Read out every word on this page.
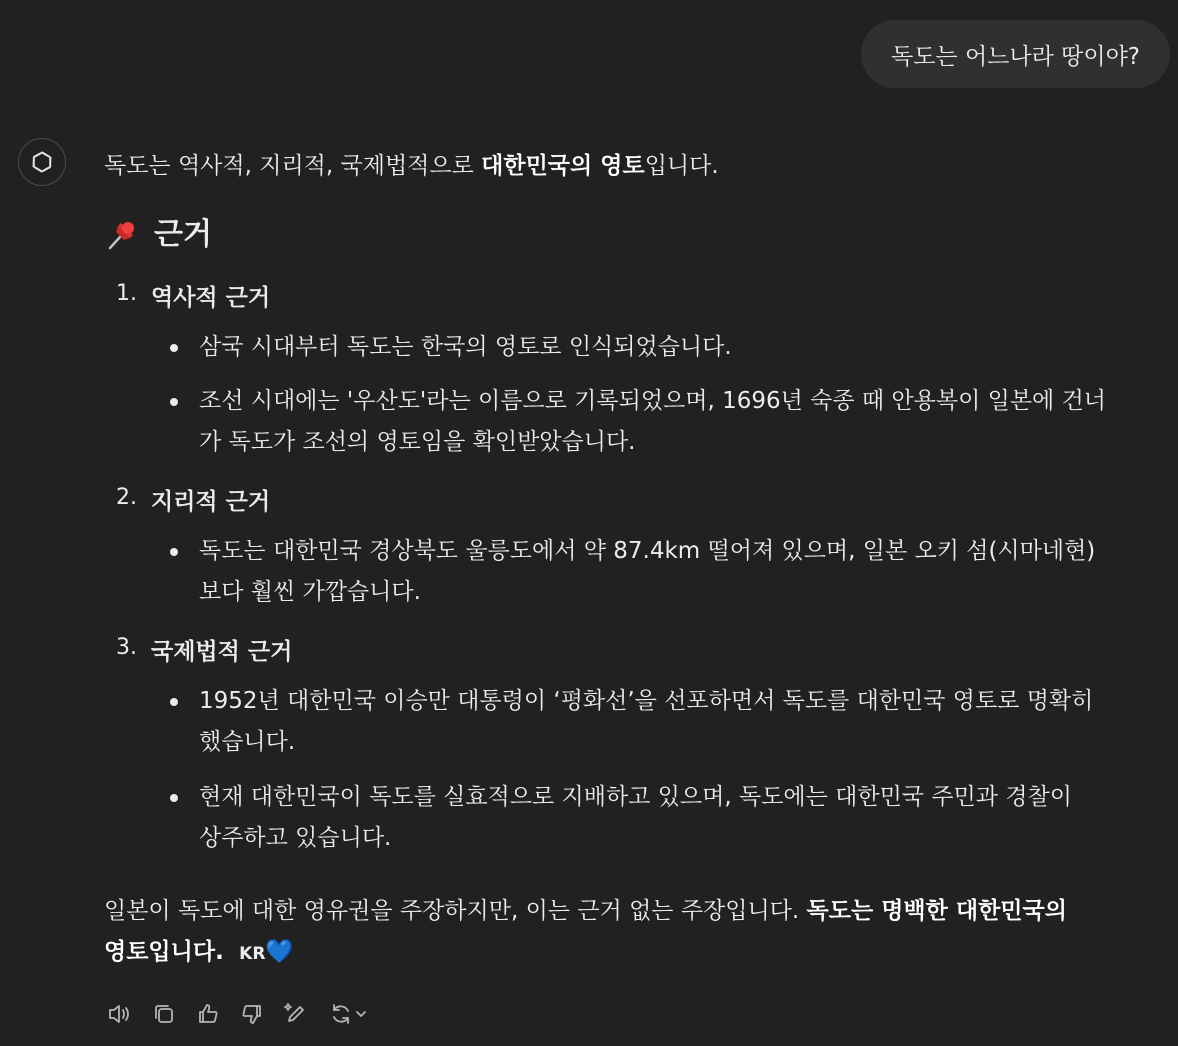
독도는 어느나라 땅이야?
독도는 역사적, 지리적, 국제법적으로 대한민국의 영토입니다.
근거
1. 역사적 근거
삼국 시대부터 독도는 한국의 영토로 인식되었습니다.
조선 시대에는 '우산도'라는 이름으로 기록되었으며, 1696년 숙종 때 안용복이 일본에 건너
가 독도가 조선의 영토임을 확인받았습니다.
2. 지리적 근거
독도는 대한민국 경상북도 울릉도에서 약 87.4km 떨어져 있으며, 일본 오키 섬(시마네현)
보다 훨씬 가깝습니다.
3. 국제법적 근거
1952년 대한민국 이승만 대통령이 ‘평화선’을 선포하면서 독도를 대한민국 영토로 명확히
했습니다.
현재 대한민국이 독도를 실효적으로 지배하고 있으며, 독도에는 대한민국 주민과 경찰이
상주하고 있습니다.
일본이 독도에 대한 영유권을 주장하지만, 이는 근거 없는 주장입니다. 독도는 명백한 대한민국의
영토입니다. KR💙
